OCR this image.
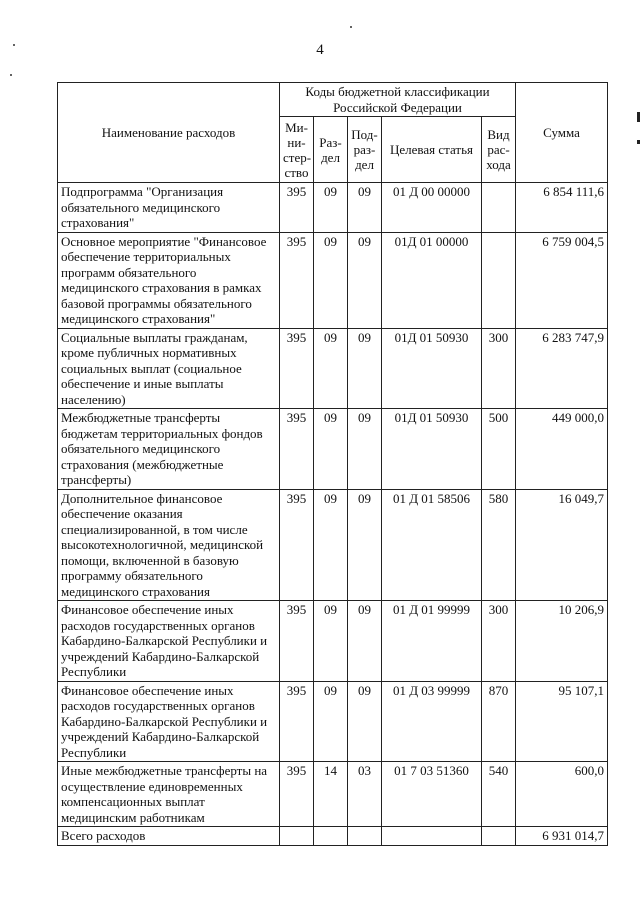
4
Наименование расходов	Коды бюджетной классификации Российской Федерации					Сумма
	Ми-
ни-
стер-
ство	Раз-
дел	Под-
раз-
дел	Целевая статья	Вид
рас-
хода	
Подпрограмма "Организация обязательного медицинского страхования"	395	09	09	01 Д 00 00000		6 854 111,6
Основное мероприятие "Финансовое обеспечение территориальных программ обязательного медицинского страхования в рамках базовой программы обязательного медицинского страхования"	395	09	09	01Д 01 00000		6 759 004,5
Социальные выплаты гражданам, кроме публичных нормативных социальных выплат (социальное обеспечение и иные выплаты населению)	395	09	09	01Д 01 50930	300	6 283 747,9
Межбюджетные трансферты бюджетам территориальных фондов обязательного медицинского страхования (межбюджетные трансферты)	395	09	09	01Д 01 50930	500	449 000,0
Дополнительное финансовое обеспечение оказания специализированной, в том числе высокотехнологичной, медицинской помощи, включенной в базовую программу обязательного медицинского страхования	395	09	09	01 Д 01 58506	580	16 049,7
Финансовое обеспечение иных расходов государственных органов Кабардино-Балкарской Республики и учреждений Кабардино-Балкарской Республики	395	09	09	01 Д 01 99999	300	10 206,9
Финансовое обеспечение иных расходов государственных органов Кабардино-Балкарской Республики и учреждений Кабардино-Балкарской Республики	395	09	09	01 Д 03 99999	870	95 107,1
Иные межбюджетные трансферты на осуществление единовременных компенсационных выплат медицинским работникам	395	14	03	01 7 03 51360	540	600,0
Всего расходов						6 931 014,7
